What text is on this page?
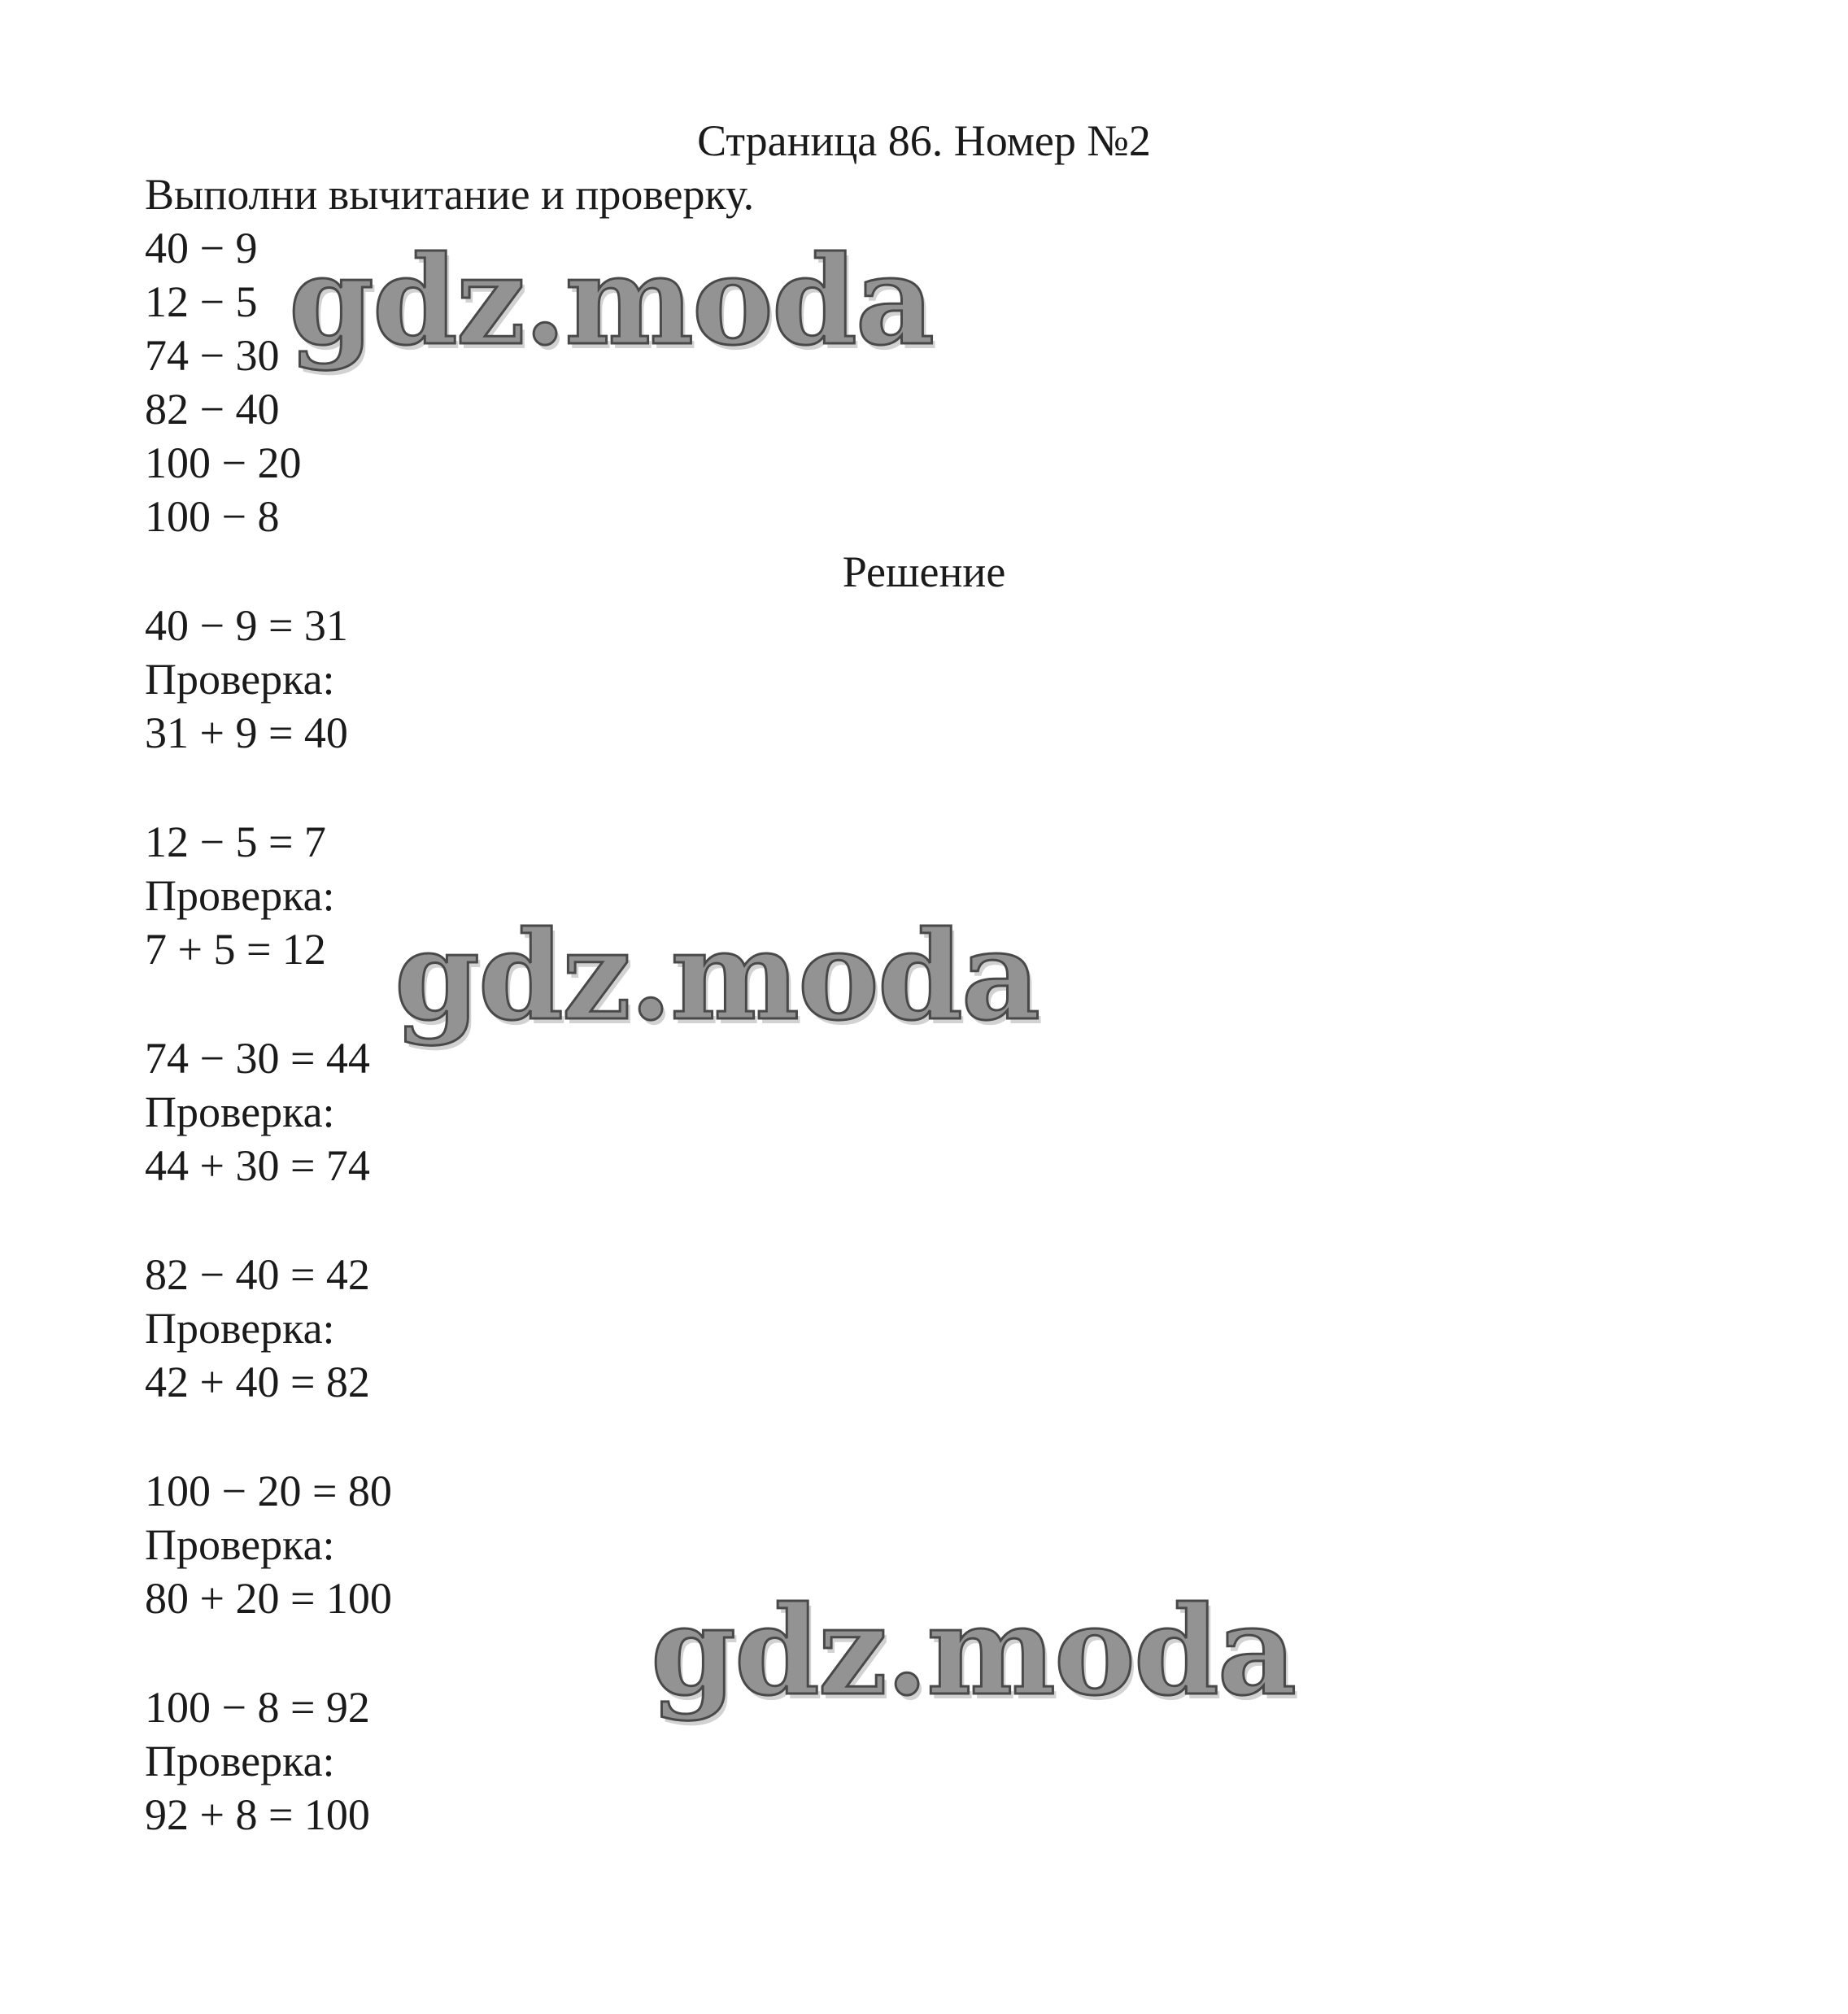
Страница 86. Номер №2
Выполни вычитание и проверку.
40 − 9
12 − 5
74 − 30
82 − 40
100 − 20
100 − 8
Решение
40 − 9 = 31
Проверка:
31 + 9 = 40
12 − 5 = 7
Проверка:
7 + 5 = 12
74 − 30 = 44
Проверка:
44 + 30 = 74
82 − 40 = 42
Проверка:
42 + 40 = 82
100 − 20 = 80
Проверка:
80 + 20 = 100
100 − 8 = 92
Проверка:
92 + 8 = 100
gdz.moda
gdz.moda
gdz.moda
